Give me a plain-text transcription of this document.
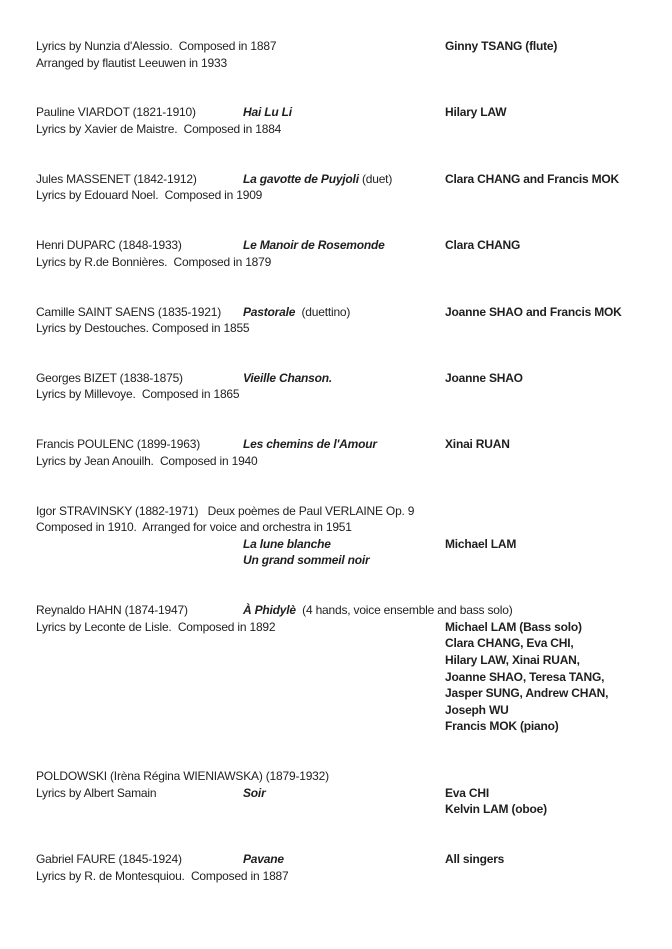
Lyrics by Nunzia d'Alessio.  Composed in 1887	Ginny TSANG (flute)
Arranged by flautist Leeuwen in 1933
Pauline VIARDOT (1821-1910)	Hai Lu Li	Hilary LAW
Lyrics by Xavier de Maistre.  Composed in 1884
Jules MASSENET (1842-1912)	La gavotte de Puyjoli (duet)	Clara CHANG and Francis MOK
Lyrics by Edouard Noel.  Composed in 1909
Henri DUPARC (1848-1933)	Le Manoir de Rosemonde	Clara CHANG
Lyrics by R.de Bonnières.  Composed in 1879
Camille SAINT SAENS (1835-1921) Pastorale  (duettino)	Joanne SHAO and Francis MOK
Lyrics by Destouches. Composed in 1855
Georges BIZET (1838-1875)	Vieille Chanson.	Joanne SHAO
Lyrics by Millevoye.  Composed in 1865
Francis POULENC (1899-1963)	Les chemins de l'Amour	Xinai RUAN
Lyrics by Jean Anouilh.  Composed in 1940
Igor STRAVINSKY (1882-1971)   Deux poèmes de Paul VERLAINE Op. 9
Composed in 1910.  Arranged for voice and orchestra in 1951
La lune blanche	Michael LAM
Un grand sommeil noir
Reynaldo HAHN (1874-1947)	À Phidylè  (4 hands, voice ensemble and bass solo)
Lyrics by Leconte de Lisle.  Composed in 1892	Michael LAM (Bass solo)
Clara CHANG, Eva CHI,
Hilary LAW, Xinai RUAN,
Joanne SHAO, Teresa TANG,
Jasper SUNG, Andrew CHAN,
Joseph WU
Francis MOK (piano)
POLDOWSKI (Irèna Régina WIENIAWSKA) (1879-1932)
Lyrics by Albert Samain	Soir	Eva CHI
Kelvin LAM (oboe)
Gabriel FAURE (1845-1924)	Pavane	All singers
Lyrics by R. de Montesquiou.  Composed in 1887
